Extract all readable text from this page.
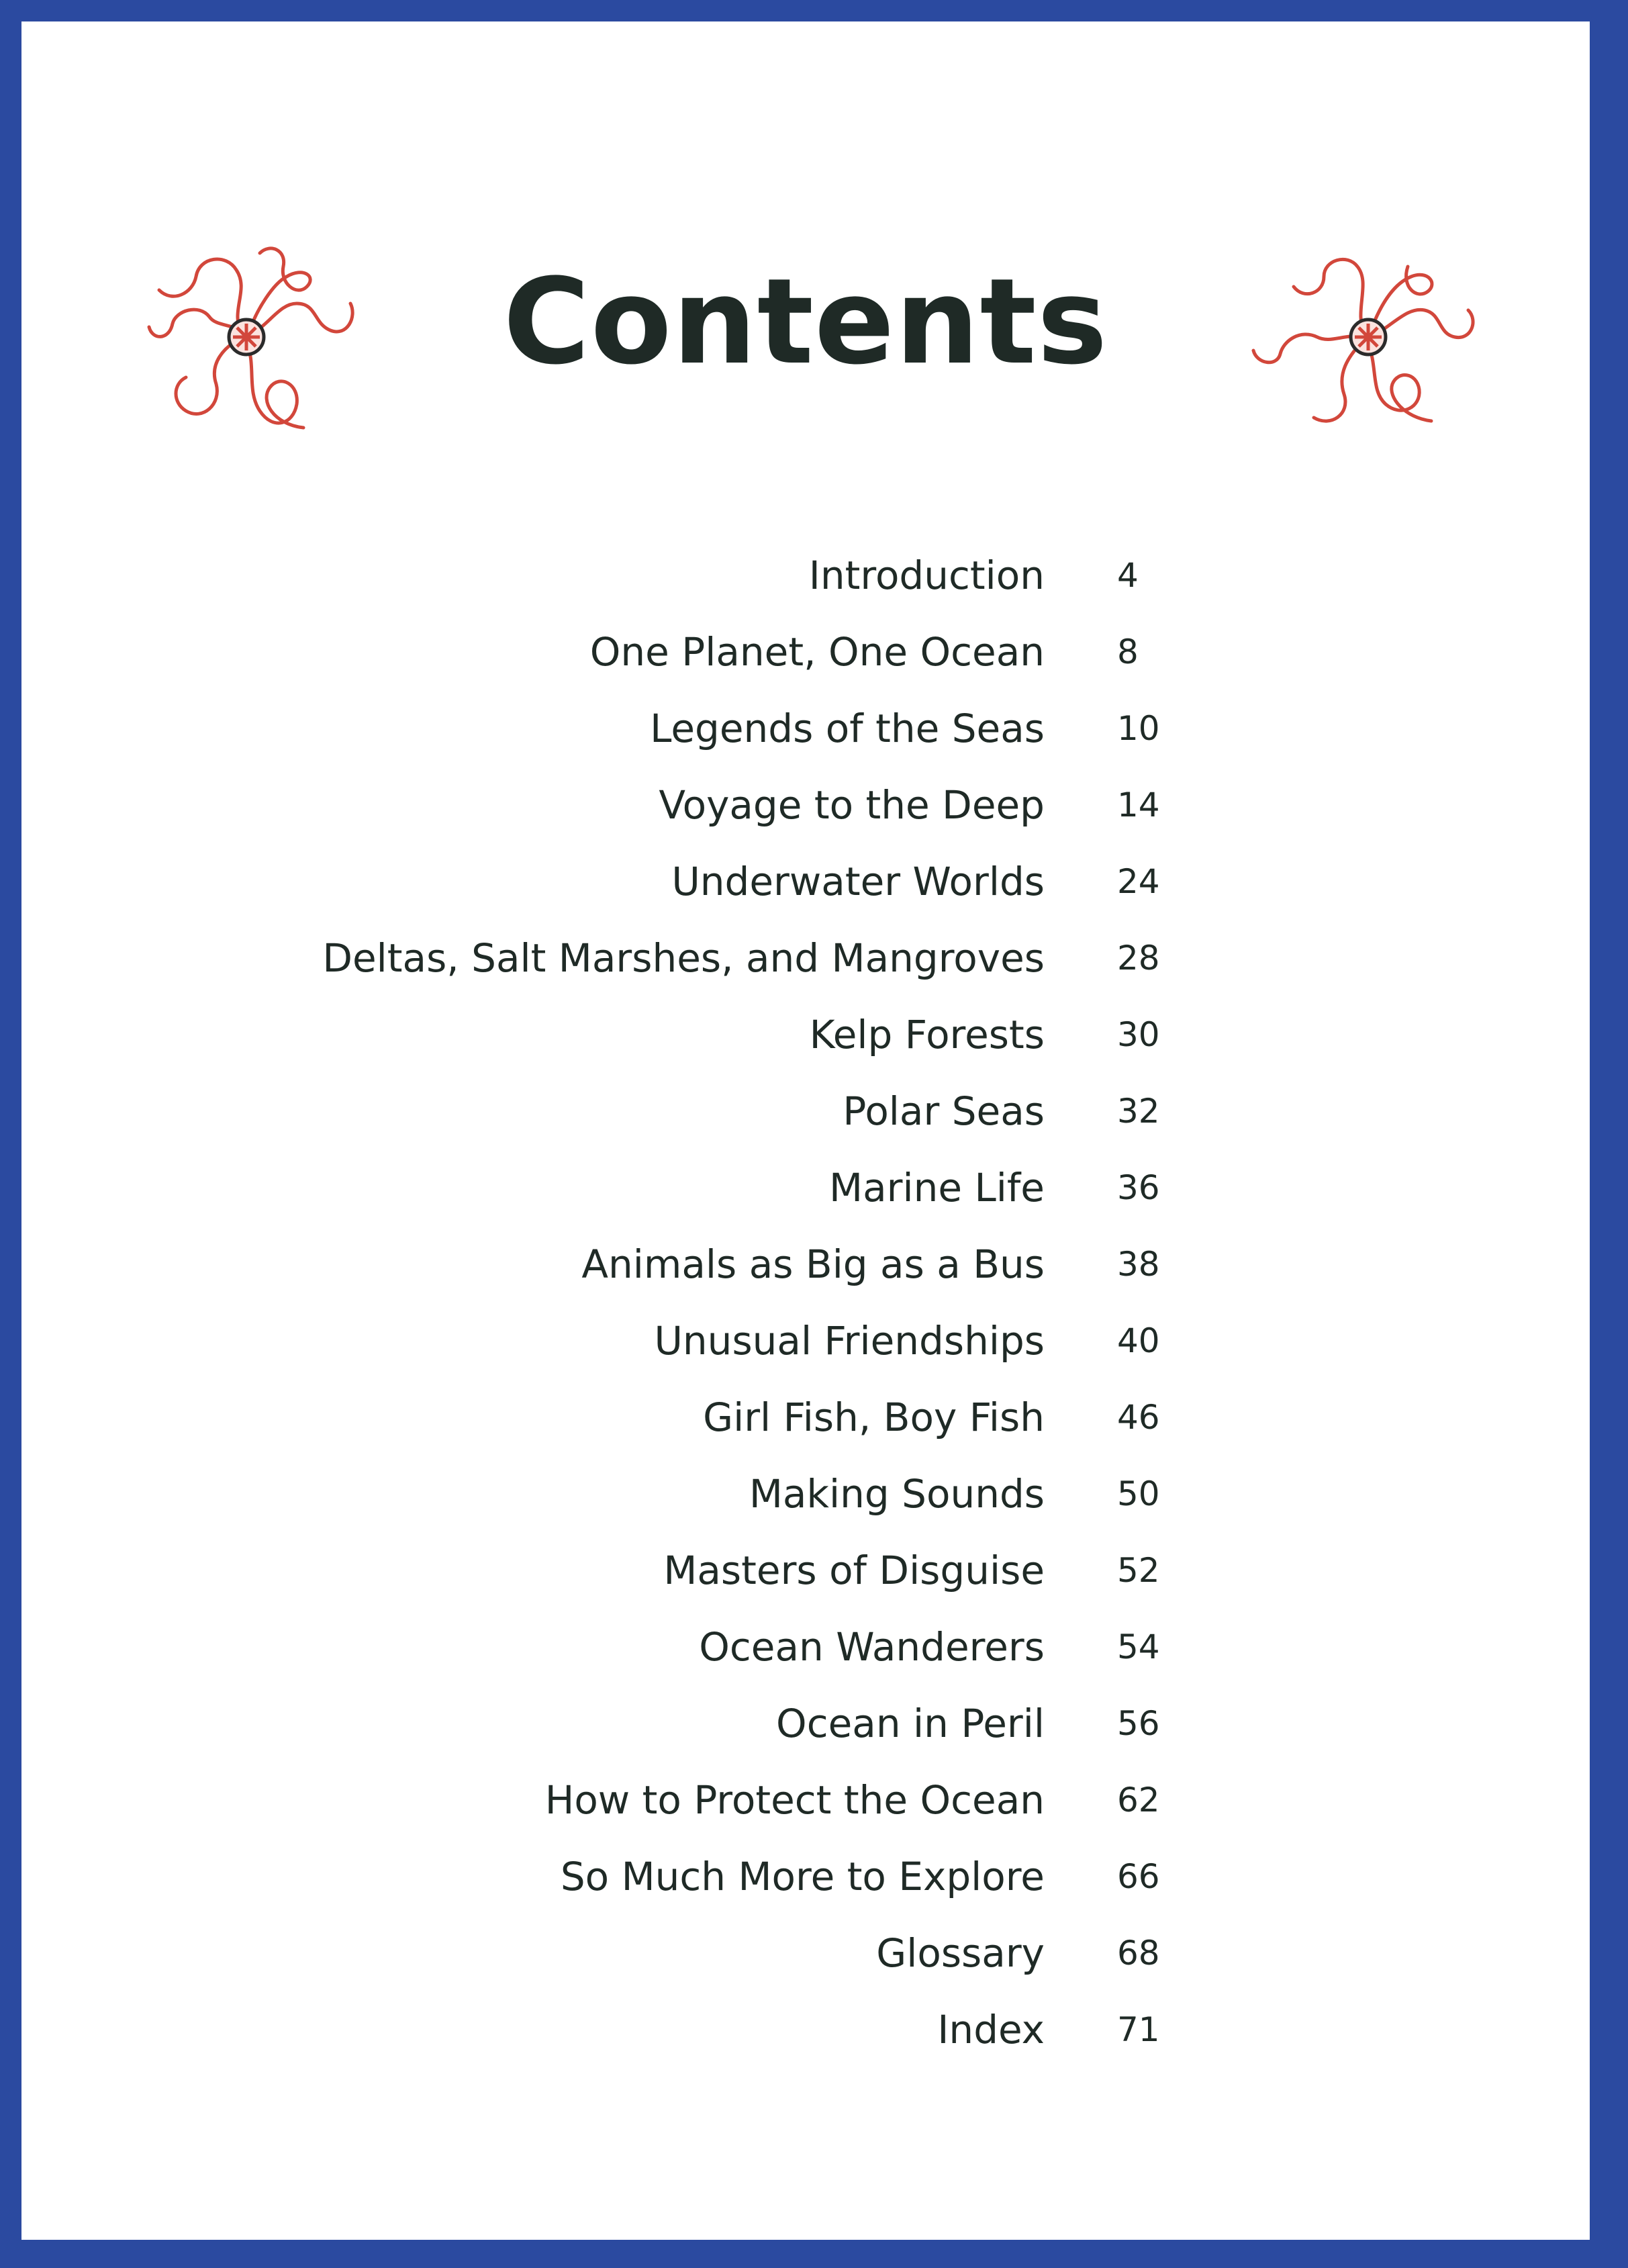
Contents
Introduction 4
One Planet, One Ocean 8
Legends of the Seas 10
Voyage to the Deep 14
Underwater Worlds 24
Deltas, Salt Marshes, and Mangroves 28
Kelp Forests 30
Polar Seas 32
Marine Life 36
Animals as Big as a Bus 38
Unusual Friendships 40
Girl Fish, Boy Fish 46
Making Sounds 50
Masters of Disguise 52
Ocean Wanderers 54
Ocean in Peril 56
How to Protect the Ocean 62
So Much More to Explore 66
Glossary 68
Index 71
